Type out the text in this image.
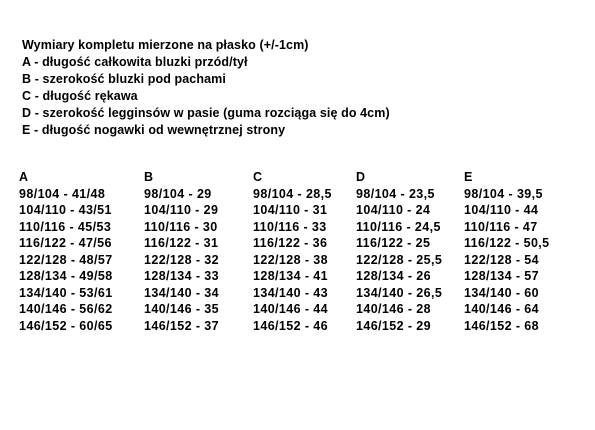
Wymiary kompletu mierzone na płasko (+/-1cm)
A - długość całkowita bluzki przód/tył
B - szerokość bluzki pod pachami
C - długość rękawa
D - szerokość legginsów w pasie (guma rozciąga się do 4cm)
E - długość nogawki od wewnętrznej strony
A
98/104 - 41/48
104/110 - 43/51
110/116 - 45/53
116/122 - 47/56
122/128 - 48/57
128/134 - 49/58
134/140 - 53/61
140/146 - 56/62
146/152 - 60/65
B
98/104 - 29
104/110 - 29
110/116 - 30
116/122 - 31
122/128 - 32
128/134 - 33
134/140 - 34
140/146 - 35
146/152 - 37
C
98/104 - 28,5
104/110 - 31
110/116 - 33
116/122 - 36
122/128 - 38
128/134 - 41
134/140 - 43
140/146 - 44
146/152 - 46
D
98/104 - 23,5
104/110 - 24
110/116 - 24,5
116/122 - 25
122/128 - 25,5
128/134 - 26
134/140 - 26,5
140/146 - 28
146/152 - 29
E
98/104 - 39,5
104/110 - 44
110/116 - 47
116/122 - 50,5
122/128 - 54
128/134 - 57
134/140 - 60
140/146 - 64
146/152 - 68
